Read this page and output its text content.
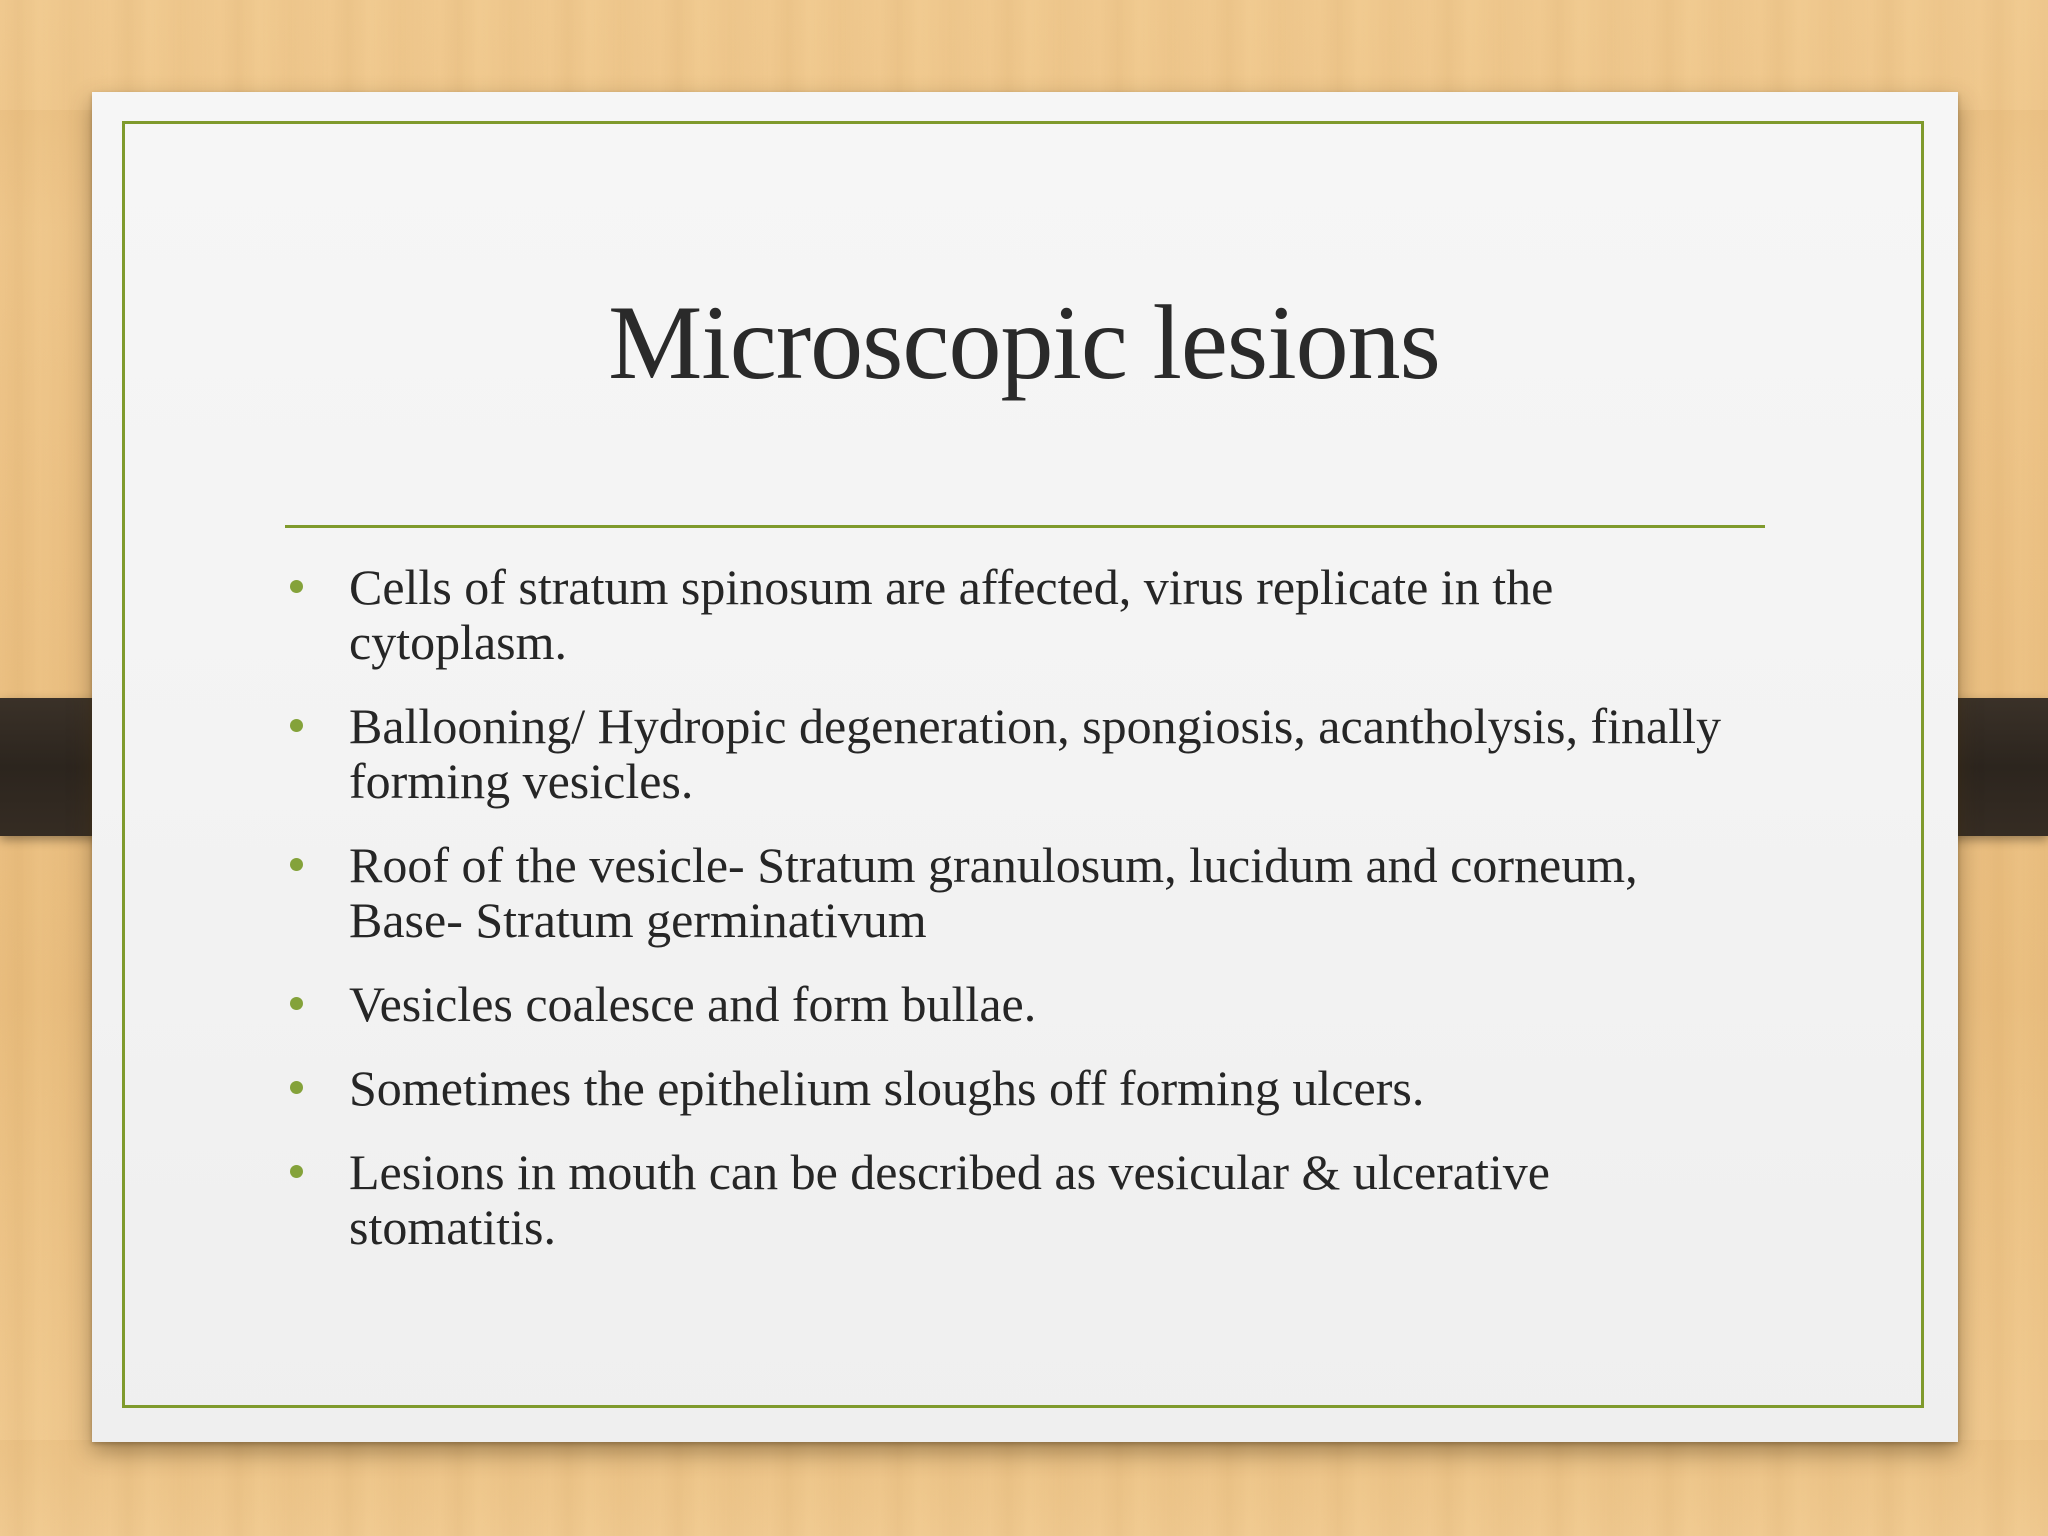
Microscopic lesions
Cells of stratum spinosum are affected, virus replicate in the cytoplasm.
Ballooning/ Hydropic degeneration, spongiosis, acantholysis, finally forming vesicles.
Roof of the vesicle- Stratum granulosum, lucidum and corneum, Base- Stratum germinativum
Vesicles coalesce and form bullae.
Sometimes the epithelium sloughs off forming ulcers.
Lesions in mouth can be described as vesicular & ulcerative stomatitis.
